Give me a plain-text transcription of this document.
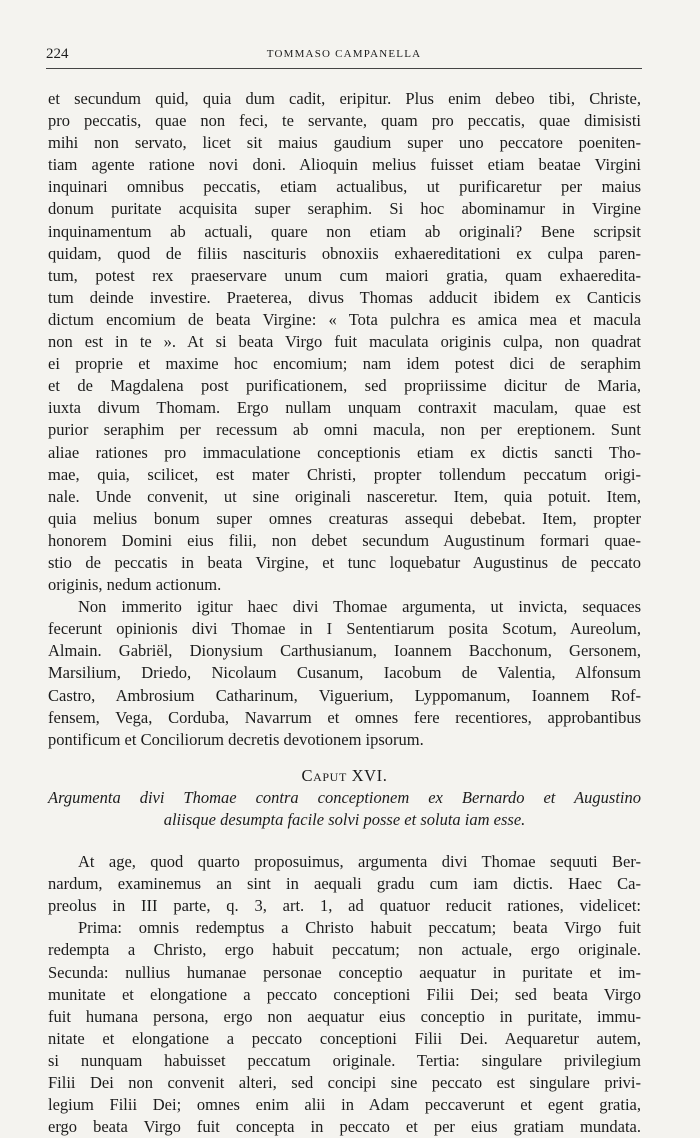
224	TOMMASO CAMPANELLA
et secundum quid, quia dum cadit, eripitur. Plus enim debeo tibi, Christe,
pro peccatis, quae non feci, te servante, quam pro peccatis, quae dimisisti
mihi non servato, licet sit maius gaudium super uno peccatore poeniten-
tiam agente ratione novi doni. Alioquin melius fuisset etiam beatae Virgini
inquinari omnibus peccatis, etiam actualibus, ut purificaretur per maius
donum puritate acquisita super seraphim. Si hoc abominamur in Virgine
inquinamentum ab actuali, quare non etiam ab originali? Bene scripsit
quidam, quod de filiis nascituris obnoxiis exhaereditationi ex culpa paren-
tum, potest rex praeservare unum cum maiori gratia, quam exhaeredita-
tum deinde investire. Praeterea, divus Thomas adducit ibidem ex Canticis
dictum encomium de beata Virgine: « Tota pulchra es amica mea et macula
non est in te ». At si beata Virgo fuit maculata originis culpa, non quadrat
ei proprie et maxime hoc encomium; nam idem potest dici de seraphim
et de Magdalena post purificationem, sed propriissime dicitur de Maria,
iuxta divum Thomam. Ergo nullam unquam contraxit maculam, quae est
purior seraphim per recessum ab omni macula, non per ereptionem. Sunt
aliae rationes pro immaculatione conceptionis etiam ex dictis sancti Tho-
mae, quia, scilicet, est mater Christi, propter tollendum peccatum origi-
nale. Unde convenit, ut sine originali nasceretur. Item, quia potuit. Item,
quia melius bonum super omnes creaturas assequi debebat. Item, propter
honorem Domini eius filii, non debet secundum Augustinum formari quae-
stio de peccatis in beata Virgine, et tunc loquebatur Augustinus de peccato
originis, nedum actionum.
Non immerito igitur haec divi Thomae argumenta, ut invicta, sequaces
fecerunt opinionis divi Thomae in I Sententiarum posita Scotum, Aureolum,
Almain. Gabriël, Dionysium Carthusianum, Ioannem Bacchonum, Gersonem,
Marsilium, Driedo, Nicolaum Cusanum, Iacobum de Valentia, Alfonsum
Castro, Ambrosium Catharinum, Viguerium, Lyppomanum, Ioannem Rof-
fensem, Vega, Corduba, Navarrum et omnes fere recentiores, approbantibus
pontificum et Conciliorum decretis devotionem ipsorum.
Caput XVI.
Argumenta divi Thomae contra conceptionem ex Bernardo et Augustino
aliisque desumpta facile solvi posse et soluta iam esse.
At age, quod quarto proposuimus, argumenta divi Thomae sequuti Ber-
nardum, examinemus an sint in aequali gradu cum iam dictis. Haec Ca-
preolus in III parte, q. 3, art. 1, ad quatuor reducit rationes, videlicet:
Prima: omnis redemptus a Christo habuit peccatum; beata Virgo fuit
redempta a Christo, ergo habuit peccatum; non actuale, ergo originale.
Secunda: nullius humanae personae conceptio aequatur in puritate et im-
munitate et elongatione a peccato conceptioni Filii Dei; sed beata Virgo
fuit humana persona, ergo non aequatur eius conceptio in puritate, immu-
nitate et elongatione a peccato conceptioni Filii Dei. Aequaretur autem,
si nunquam habuisset peccatum originale. Tertia: singulare privilegium
Filii Dei non convenit alteri, sed concipi sine peccato est singulare privi-
legium Filii Dei; omnes enim alii in Adam peccaverunt et egent gratia,
ergo beata Virgo fuit concepta in peccato et per eius gratiam mundata.
